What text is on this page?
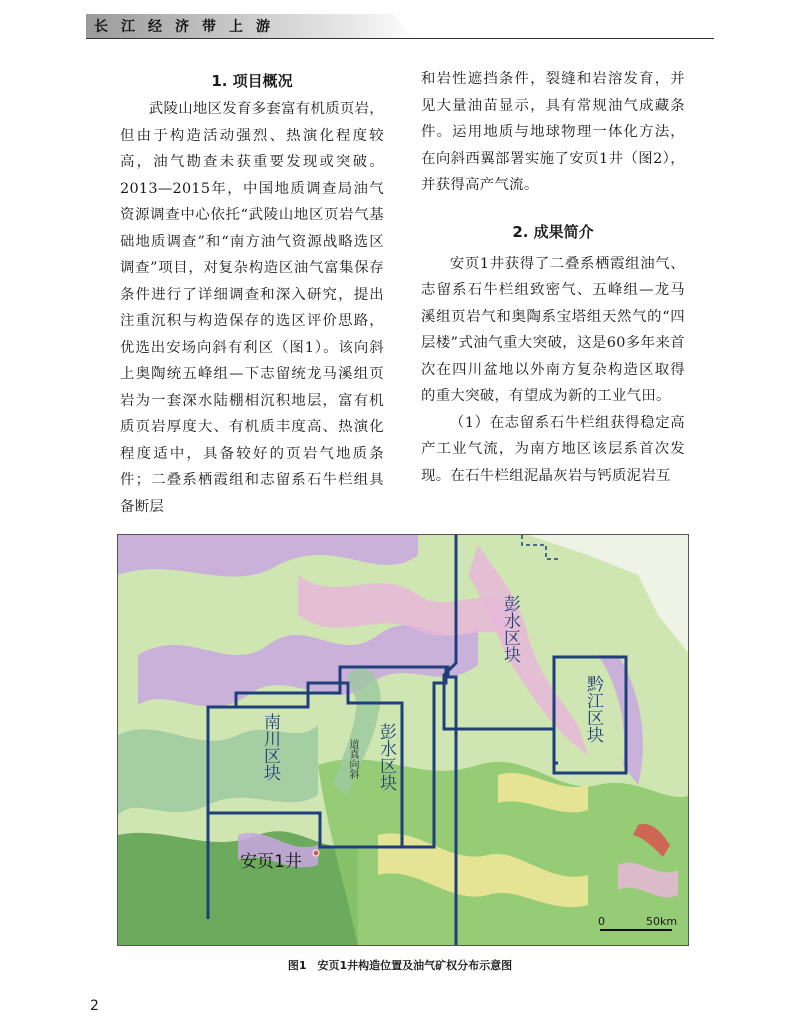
长江经济带上游
1. 项目概况

武陵山地区发育多套富有机质页岩，但由于构造活动强烈、热演化程度较高，油气勘查未获重要发现或突破。2013—2015年，中国地质调查局油气资源调查中心依托“武陵山地区页岩气基础地质调查”和“南方油气资源战略选区调查”项目，对复杂构造区油气富集保存条件进行了详细调查和深入研究，提出注重沉积与构造保存的选区评价思路，优选出安场向斜有利区（图1）。该向斜上奥陶统五峰组—下志留统龙马溪组页岩为一套深水陆棚相沉积地层，富有机质页岩厚度大、有机质丰度高、热演化程度适中，具备较好的页岩气地质条件；二叠系栖霞组和志留系石牛栏组具备断层

和岩性遮挡条件，裂缝和岩溶发育，并见大量油苗显示，具有常规油气成藏条件。运用地质与地球物理一体化方法，在向斜西翼部署实施了安页1井（图2），并获得高产气流。

2. 成果简介

安页1井获得了二叠系栖霞组油气、志留系石牛栏组致密气、五峰组—龙马溪组页岩气和奥陶系宝塔组天然气的“四层楼”式油气重大突破，这是60多年来首次在四川盆地以外南方复杂构造区取得的重大突破，有望成为新的工业气田。

（1）在志留系石牛栏组获得稳定高产工业气流，为南方地区该层系首次发现。在石牛栏组泥晶灰岩与钙质泥岩互

南川区块	彭水区块
彭水区块
黔江区块
道真向斜
安页1井
0	50km
图1　安页1井构造位置及油气矿权分布示意图
2
